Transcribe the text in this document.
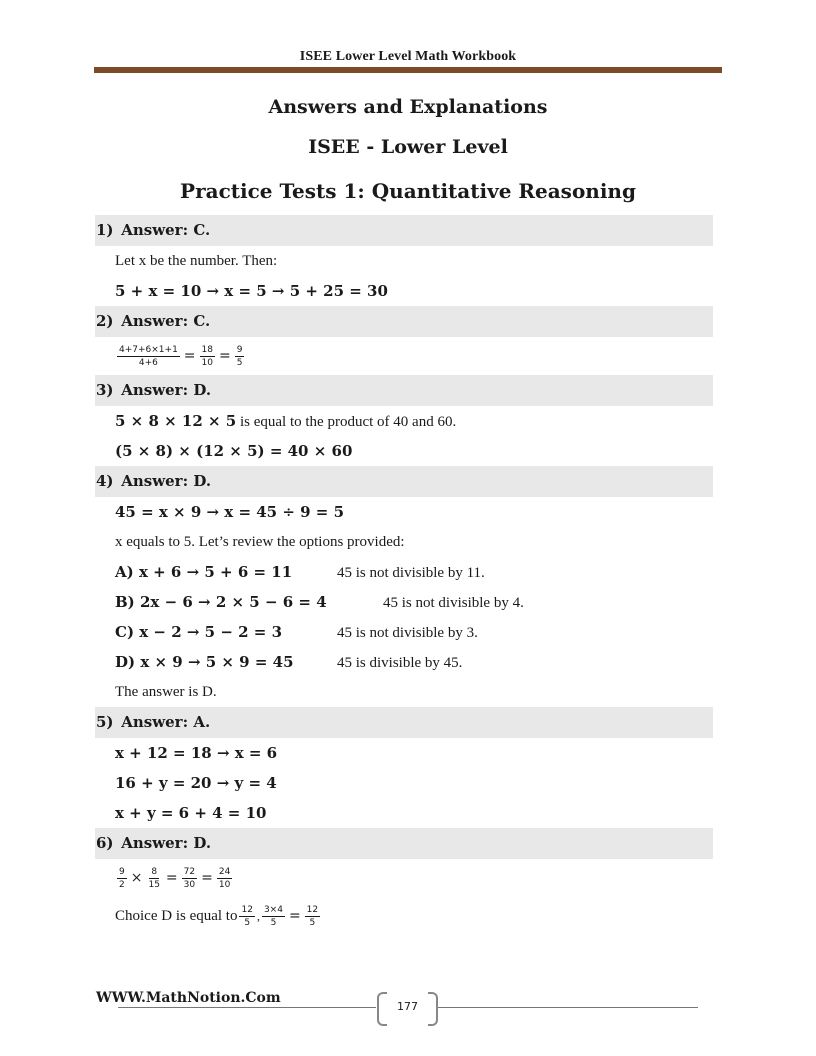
ISEE Lower Level Math Workbook
Answers and Explanations
ISEE - Lower Level
Practice Tests 1: Quantitative Reasoning
1) Answer: C.
Let x be the number. Then:
5 + x = 10 → x = 5 → 5 + 25 = 30
2) Answer: C.
$\frac{4+7+6\times 1+1}{4+6} = \frac{18}{10} = \frac{9}{5}$
3) Answer: D.
5 × 8 × 12 × 5 is equal to the product of 40 and 60.
(5 × 8) × (12 × 5) = 40 × 60
4) Answer: D.
45 = x × 9 → x = 45 ÷ 9 = 5
x equals to 5. Let’s review the options provided:
A) x + 6 → 5 + 6 = 11	45 is not divisible by 11.
B) 2x − 6 → 2 × 5 − 6 = 4	45 is not divisible by 4.
C) x − 2 → 5 − 2 = 3	45 is not divisible by 3.
D) x × 9 → 5 × 9 = 45	45 is divisible by 45.
The answer is D.
5) Answer: A.
x + 12 = 18 → x = 6
16 + y = 20 → y = 4
x + y = 6 + 4 = 10
6) Answer: D.
$\frac{9}{2} \times \frac{8}{15} = \frac{72}{30} = \frac{24}{10}$
Choice D is equal to $\frac{12}{5}$ , $\frac{3\times 4}{5} = \frac{12}{5}$
WWW.MathNotion.Com
177
